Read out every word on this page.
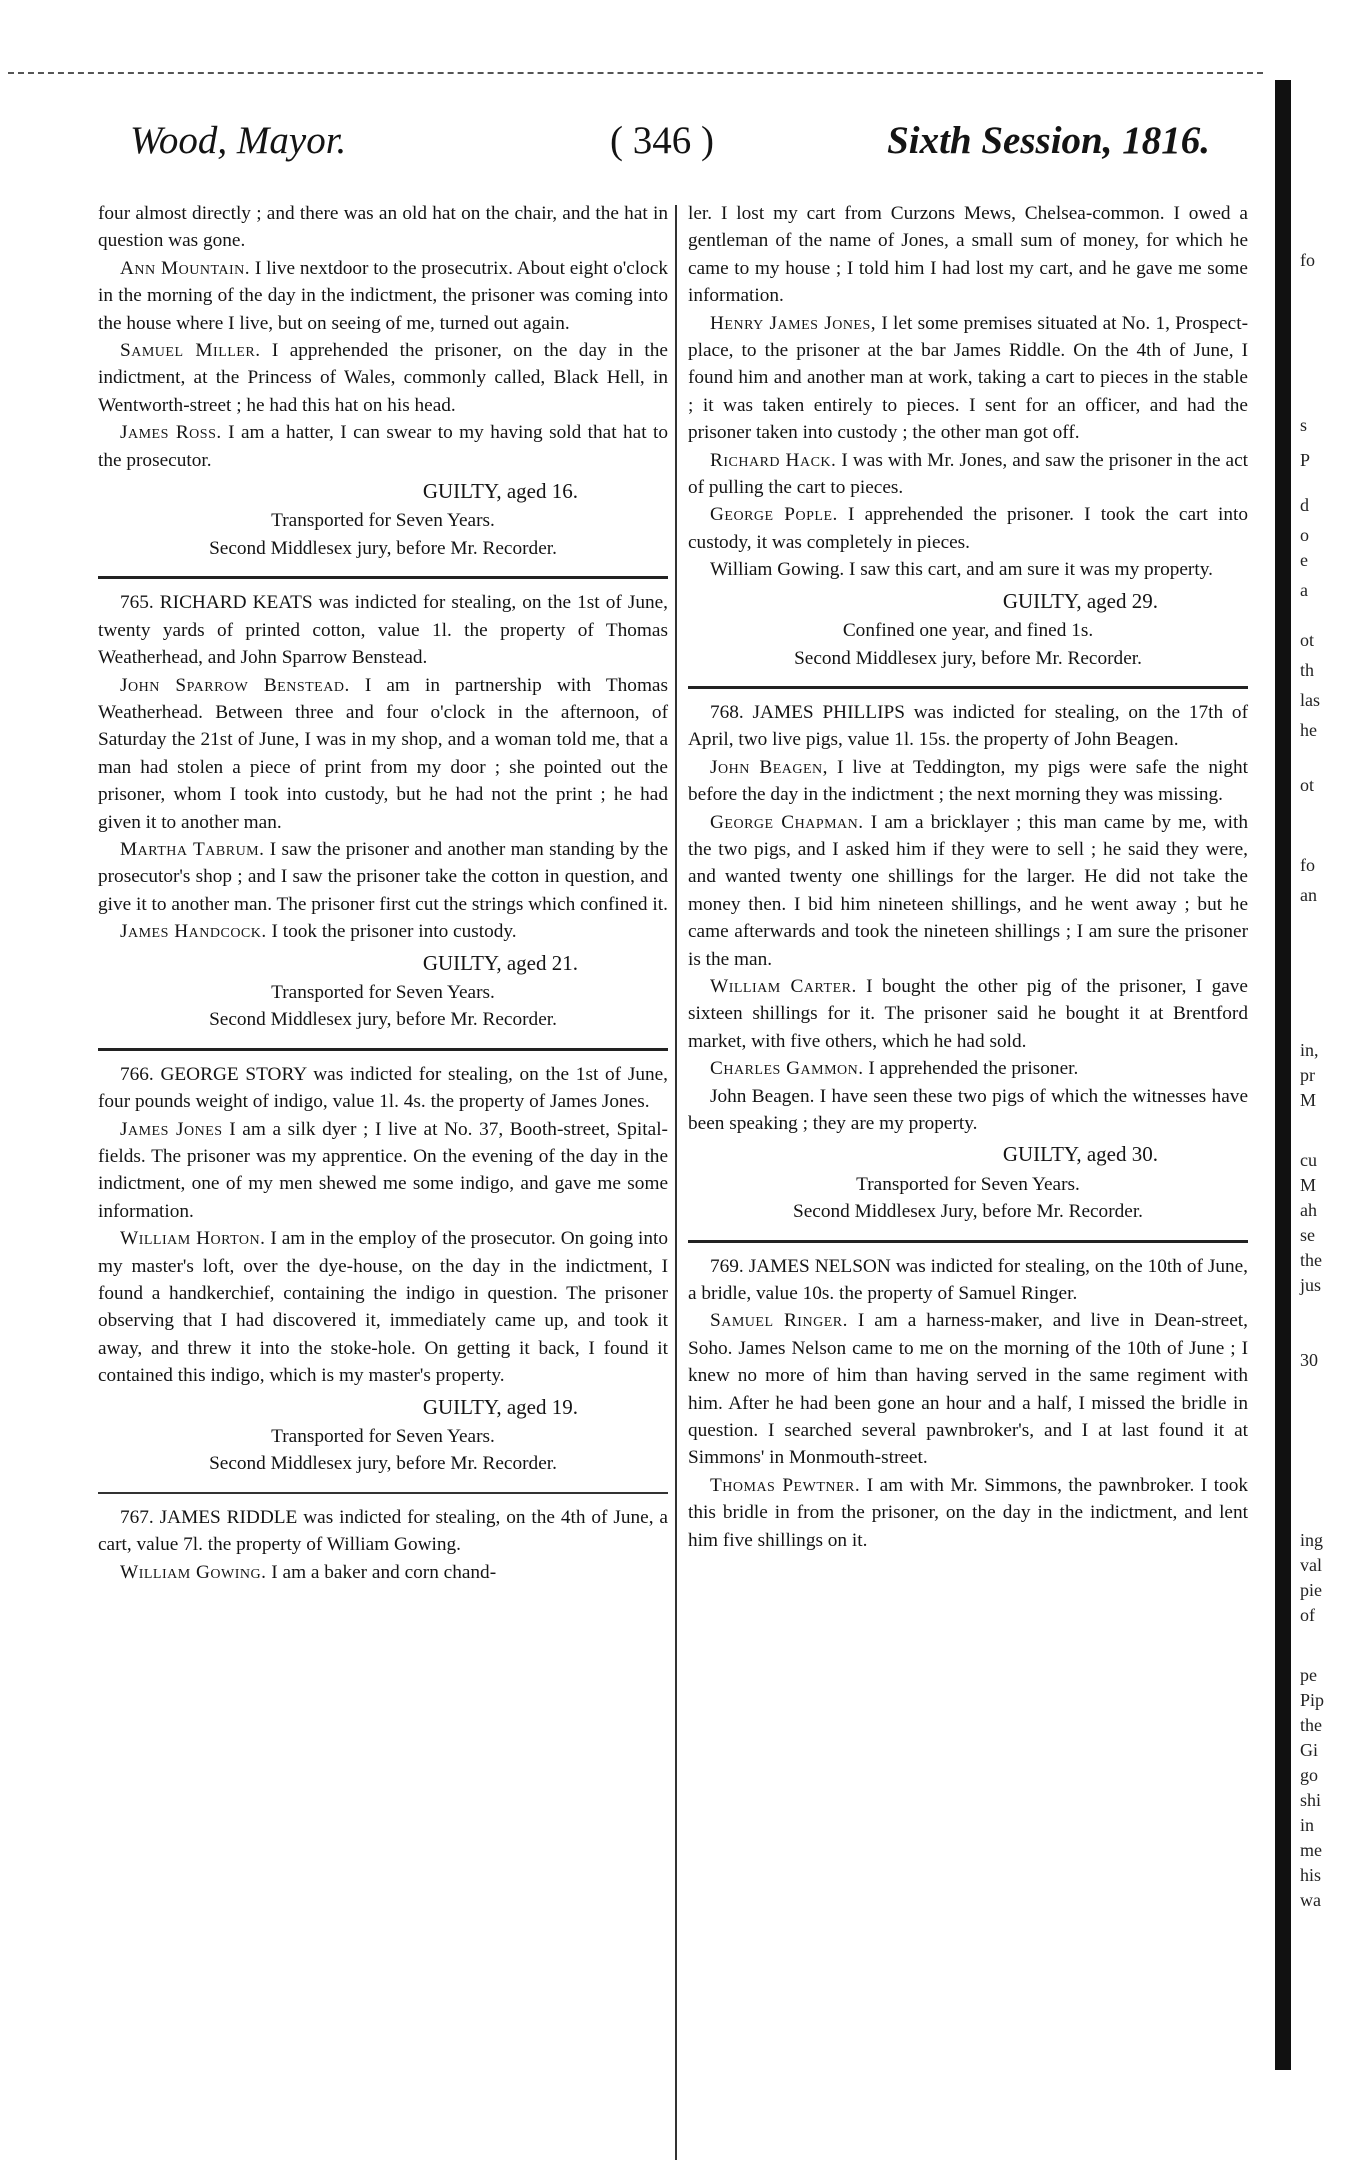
Wood, Mayor.	( 346 )	Sixth Session, 1816.

four almost directly ; and there was an old hat on the chair, and the hat in question was gone.

Ann Mountain. I live nextdoor to the prosecutrix. About eight o'clock in the morning of the day in the indictment, the prisoner was coming into the house where I live, but on seeing of me, turned out again.

Samuel Miller. I apprehended the prisoner, on the day in the indictment, at the Princess of Wales, commonly called, Black Hell, in Wentworth-street ; he had this hat on his head.

James Ross. I am a hatter, I can swear to my having sold that hat to the prosecutor.

GUILTY, aged 16.

Transported for Seven Years.

Second Middlesex jury, before Mr. Recorder.

765. RICHARD KEATS was indicted for stealing, on the 1st of June, twenty yards of printed cotton, value 1l. the property of Thomas Weatherhead, and John Sparrow Benstead.

John Sparrow Benstead. I am in partnership with Thomas Weatherhead. Between three and four o'clock in the afternoon, of Saturday the 21st of June, I was in my shop, and a woman told me, that a man had stolen a piece of print from my door ; she pointed out the prisoner, whom I took into custody, but he had not the print ; he had given it to another man.

Martha Tabrum. I saw the prisoner and another man standing by the prosecutor's shop ; and I saw the prisoner take the cotton in question, and give it to another man. The prisoner first cut the strings which confined it.

James Handcock. I took the prisoner into custody.

GUILTY, aged 21.

Transported for Seven Years.

Second Middlesex jury, before Mr. Recorder.

766. GEORGE STORY was indicted for stealing, on the 1st of June, four pounds weight of indigo, value 1l. 4s. the property of James Jones.

James Jones I am a silk dyer ; I live at No. 37, Booth-street, Spital-fields. The prisoner was my apprentice. On the evening of the day in the indictment, one of my men shewed me some indigo, and gave me some information.

William Horton. I am in the employ of the prosecutor. On going into my master's loft, over the dye-house, on the day in the indictment, I found a handkerchief, containing the indigo in question. The prisoner observing that I had discovered it, immediately came up, and took it away, and threw it into the stoke-hole. On getting it back, I found it contained this indigo, which is my master's property.

GUILTY, aged 19.

Transported for Seven Years.

Second Middlesex jury, before Mr. Recorder.

767. JAMES RIDDLE was indicted for stealing, on the 4th of June, a cart, value 7l. the property of William Gowing.

William Gowing. I am a baker and corn chand-

ler. I lost my cart from Curzons Mews, Chelsea-common. I owed a gentleman of the name of Jones, a small sum of money, for which he came to my house ; I told him I had lost my cart, and he gave me some information.

Henry James Jones, I let some premises situated at No. 1, Prospect-place, to the prisoner at the bar James Riddle. On the 4th of June, I found him and another man at work, taking a cart to pieces in the stable ; it was taken entirely to pieces. I sent for an officer, and had the prisoner taken into custody ; the other man got off.

Richard Hack. I was with Mr. Jones, and saw the prisoner in the act of pulling the cart to pieces.

George Pople. I apprehended the prisoner. I took the cart into custody, it was completely in pieces.

William Gowing. I saw this cart, and am sure it was my property.

GUILTY, aged 29.

Confined one year, and fined 1s.

Second Middlesex jury, before Mr. Recorder.

768. JAMES PHILLIPS was indicted for stealing, on the 17th of April, two live pigs, value 1l. 15s. the property of John Beagen.

John Beagen, I live at Teddington, my pigs were safe the night before the day in the indictment ; the next morning they was missing.

George Chapman. I am a bricklayer ; this man came by me, with the two pigs, and I asked him if they were to sell ; he said they were, and wanted twenty one shillings for the larger. He did not take the money then. I bid him nineteen shillings, and he went away ; but he came afterwards and took the nineteen shillings ; I am sure the prisoner is the man.

William Carter. I bought the other pig of the prisoner, I gave sixteen shillings for it. The prisoner said he bought it at Brentford market, with five others, which he had sold.

Charles Gammon. I apprehended the prisoner.

John Beagen. I have seen these two pigs of which the witnesses have been speaking ; they are my property.

GUILTY, aged 30.

Transported for Seven Years.

Second Middlesex Jury, before Mr. Recorder.

769. JAMES NELSON was indicted for stealing, on the 10th of June, a bridle, value 10s. the property of Samuel Ringer.

Samuel Ringer. I am a harness-maker, and live in Dean-street, Soho. James Nelson came to me on the morning of the 10th of June ; I knew no more of him than having served in the same regiment with him. After he had been gone an hour and a half, I missed the bridle in question. I searched several pawnbroker's, and I at last found it at Simmons' in Monmouth-street.

Thomas Pewtner. I am with Mr. Simmons, the pawnbroker. I took this bridle in from the prisoner, on the day in the indictment, and lent him five shillings on it.

fo
s
P
d
o
e
a
ot
th
las
he
ot
fo
an
in,
pr
M
cu
M
ah
se
the
jus
30
ing
val
pie
of
pe
Pip
the
Gi
go
shi
in
me
his
wa
